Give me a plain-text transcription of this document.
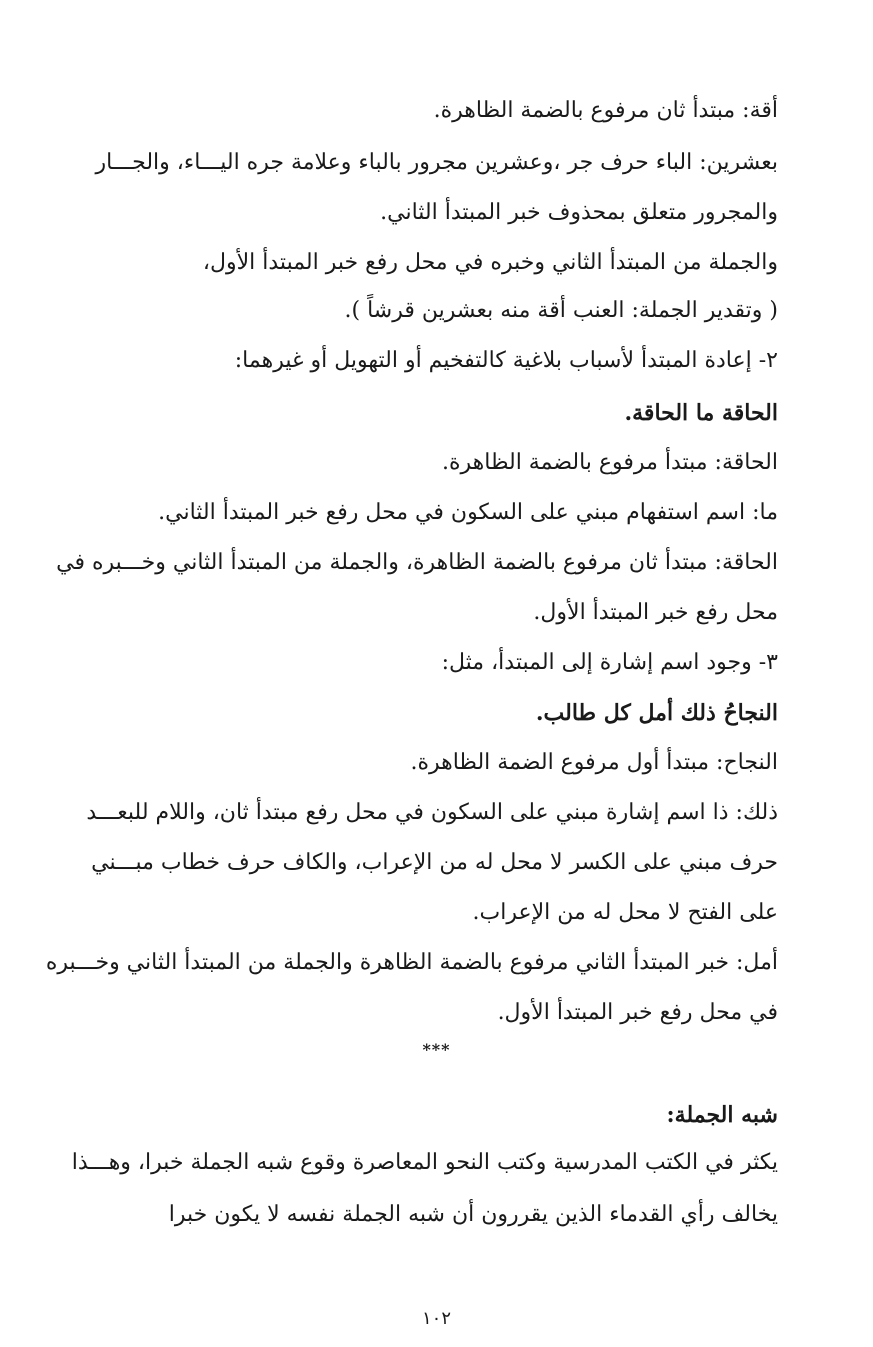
أقة: مبتدأ ثان مرفوع بالضمة الظاهرة.
بعشرين: الباء حرف جر ،وعشرين مجرور بالباء وعلامة جره اليـــاء، والجـــار
والمجرور متعلق بمحذوف خبر المبتدأ الثاني.
والجملة من المبتدأ الثاني وخبره في محل رفع خبر المبتدأ الأول،
( وتقدير الجملة: العنب أقة منه بعشرين قرشاً ).
٢- إعادة المبتدأ لأسباب بلاغية كالتفخيم أو التهويل أو غيرهما:
الحاقة ما الحاقة.
الحاقة: مبتدأ مرفوع بالضمة الظاهرة.
ما: اسم استفهام مبني على السكون في محل رفع خبر المبتدأ الثاني.
الحاقة: مبتدأ ثان مرفوع بالضمة الظاهرة، والجملة من المبتدأ الثاني وخـــبره في
محل رفع خبر المبتدأ الأول.
٣- وجود اسم إشارة إلى المبتدأ، مثل:
النجاحُ ذلك أمل كل طالب.
النجاح: مبتدأ أول مرفوع الضمة الظاهرة.
ذلك: ذا اسم إشارة مبني على السكون في محل رفع مبتدأ ثان، واللام للبعـــد
حرف مبني على الكسر لا محل له من الإعراب، والكاف حرف خطاب مبـــني
على الفتح لا محل له من الإعراب.
أمل: خبر المبتدأ الثاني مرفوع بالضمة الظاهرة والجملة من المبتدأ الثاني وخـــبره
في محل رفع خبر المبتدأ الأول.
***
شبه الجملة:
يكثر في الكتب المدرسية وكتب النحو المعاصرة وقوع شبه الجملة خبرا، وهـــذا
يخالف رأي القدماء الذين يقررون أن شبه الجملة نفسه لا يكون خبرا
١٠٢
